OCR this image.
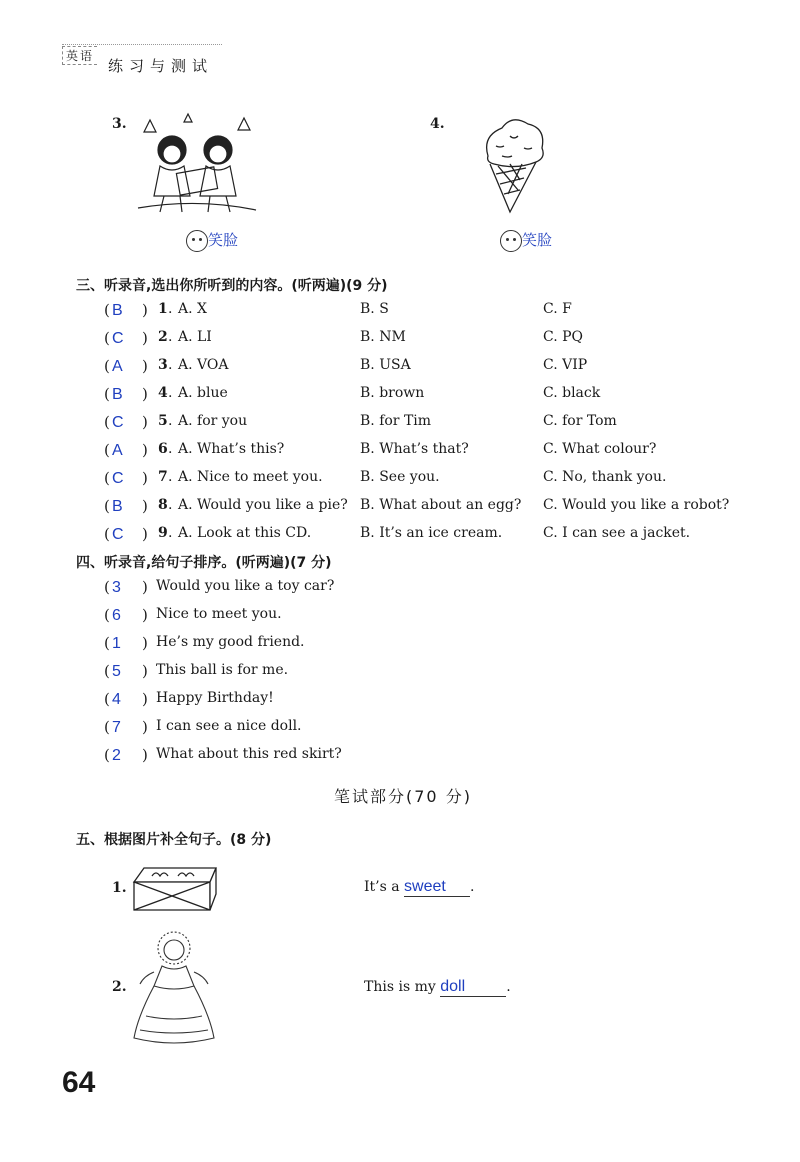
英语
练习与测试
3.
笑脸
4.
笑脸
三、听录音,选出你所听到的内容。(听两遍)(9 分)
( B ) 1 . A. X	B. S	C. F
( C ) 2 . A. LI	B. NM	C. PQ
( A ) 3 . A. VOA	B. USA	C. VIP
( B ) 4 . A. blue	B. brown	C. black
( C ) 5 . A. for you	B. for Tim	C. for Tom
( A ) 6 . A. What’s this?	B. What’s that?	C. What colour?
( C ) 7 . A. Nice to meet you.	B. See you.	C. No, thank you.
( B ) 8 . A. Would you like a pie? B. What about an egg? C. Would you like a robot?
( C ) 9 . A. Look at this CD.	B. It’s an ice cream.	C. I can see a jacket.
四、听录音,给句子排序。(听两遍)(7 分)
( 3 ) Would you like a toy car?
( 6 ) Nice to meet you.
( 1 ) He’s my good friend.
( 5 ) This ball is for me.
( 4 ) Happy Birthday!
( 7 ) I can see a nice doll.
( 2 ) What about this red skirt?
笔试部分(70 分)
五、根据图片补全句子。(8 分)
1.	It’s a sweet .
2.	This is my doll	.
64
